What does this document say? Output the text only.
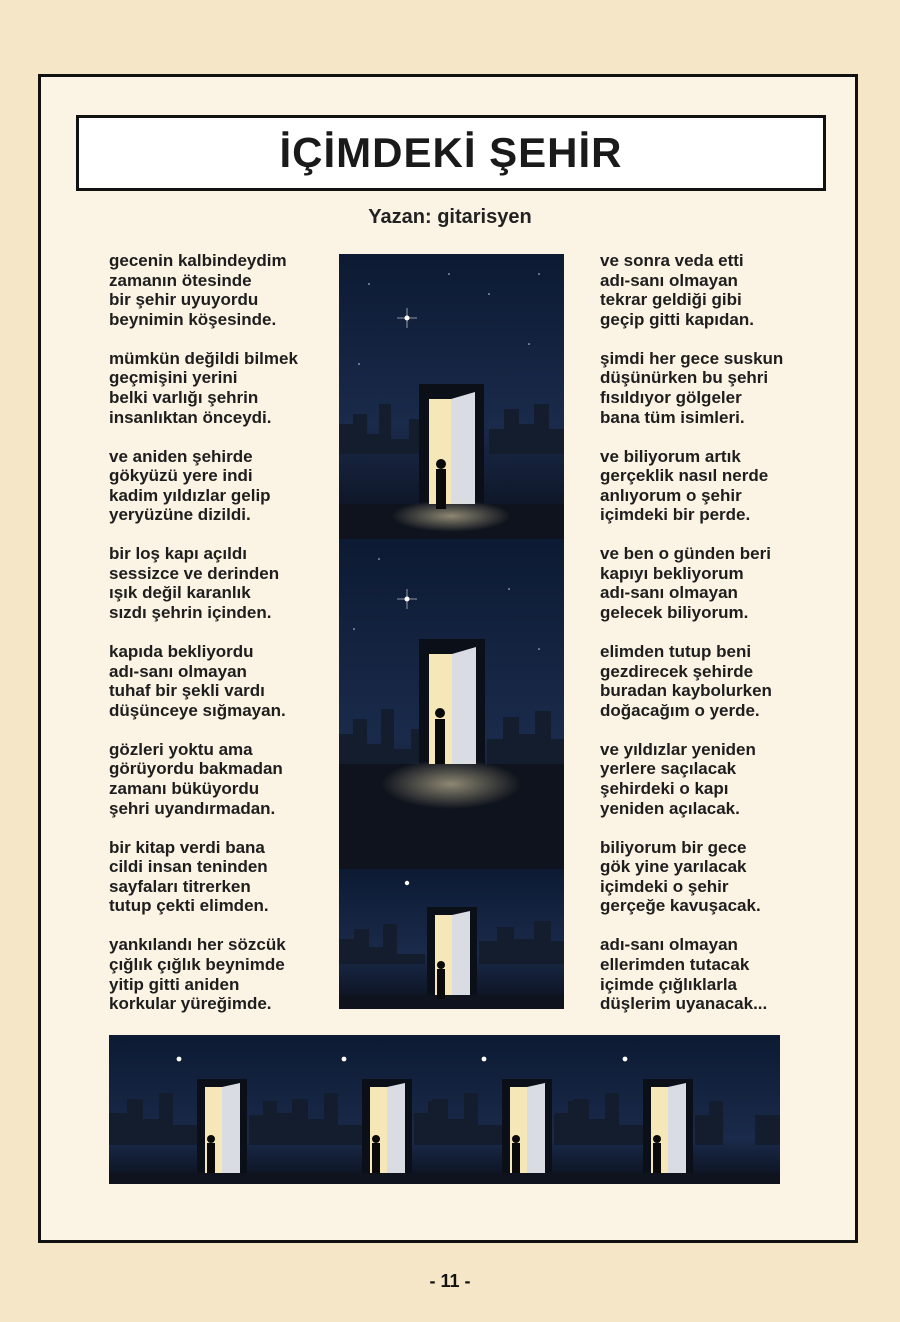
İÇİMDEKİ ŞEHİR
Yazan: gitarisyen
gecenin kalbindeydim
zamanın ötesinde
bir şehir uyuyordu
beynimin köşesinde.
mümkün değildi bilmek
geçmişini yerini
belki varlığı şehrin
insanlıktan önceydi.
ve aniden şehirde
gökyüzü yere indi
kadim yıldızlar gelip
yeryüzüne dizildi.
bir loş kapı açıldı
sessizce ve derinden
ışık değil karanlık
sızdı şehrin içinden.
kapıda bekliyordu
adı-sanı olmayan
tuhaf bir şekli vardı
düşünceye sığmayan.
gözleri yoktu ama
görüyordu bakmadan
zamanı büküyordu
şehri uyandırmadan.
bir kitap verdi bana
cildi insan teninden
sayfaları titrerken
tutup çekti elimden.
yankılandı her sözcük
çığlık çığlık beynimde
yitip gitti aniden
korkular yüreğimde.
ve sonra veda etti
adı-sanı olmayan
tekrar geldiği gibi
geçip gitti kapıdan.
şimdi her gece suskun
düşünürken bu şehri
fısıldıyor gölgeler
bana tüm isimleri.
ve biliyorum artık
gerçeklik nasıl nerde
anlıyorum o şehir
içimdeki bir perde.
ve ben o günden beri
kapıyı bekliyorum
adı-sanı olmayan
gelecek biliyorum.
elimden tutup beni
gezdirecek şehirde
buradan kaybolurken
doğacağım o yerde.
ve yıldızlar yeniden
yerlere saçılacak
şehirdeki o kapı
yeniden açılacak.
biliyorum bir gece
gök yine yarılacak
içimdeki o şehir
gerçeğe kavuşacak.
adı-sanı olmayan
ellerimden tutacak
içimde çığlıklarla
düşlerim uyanacak...
- 11 -
